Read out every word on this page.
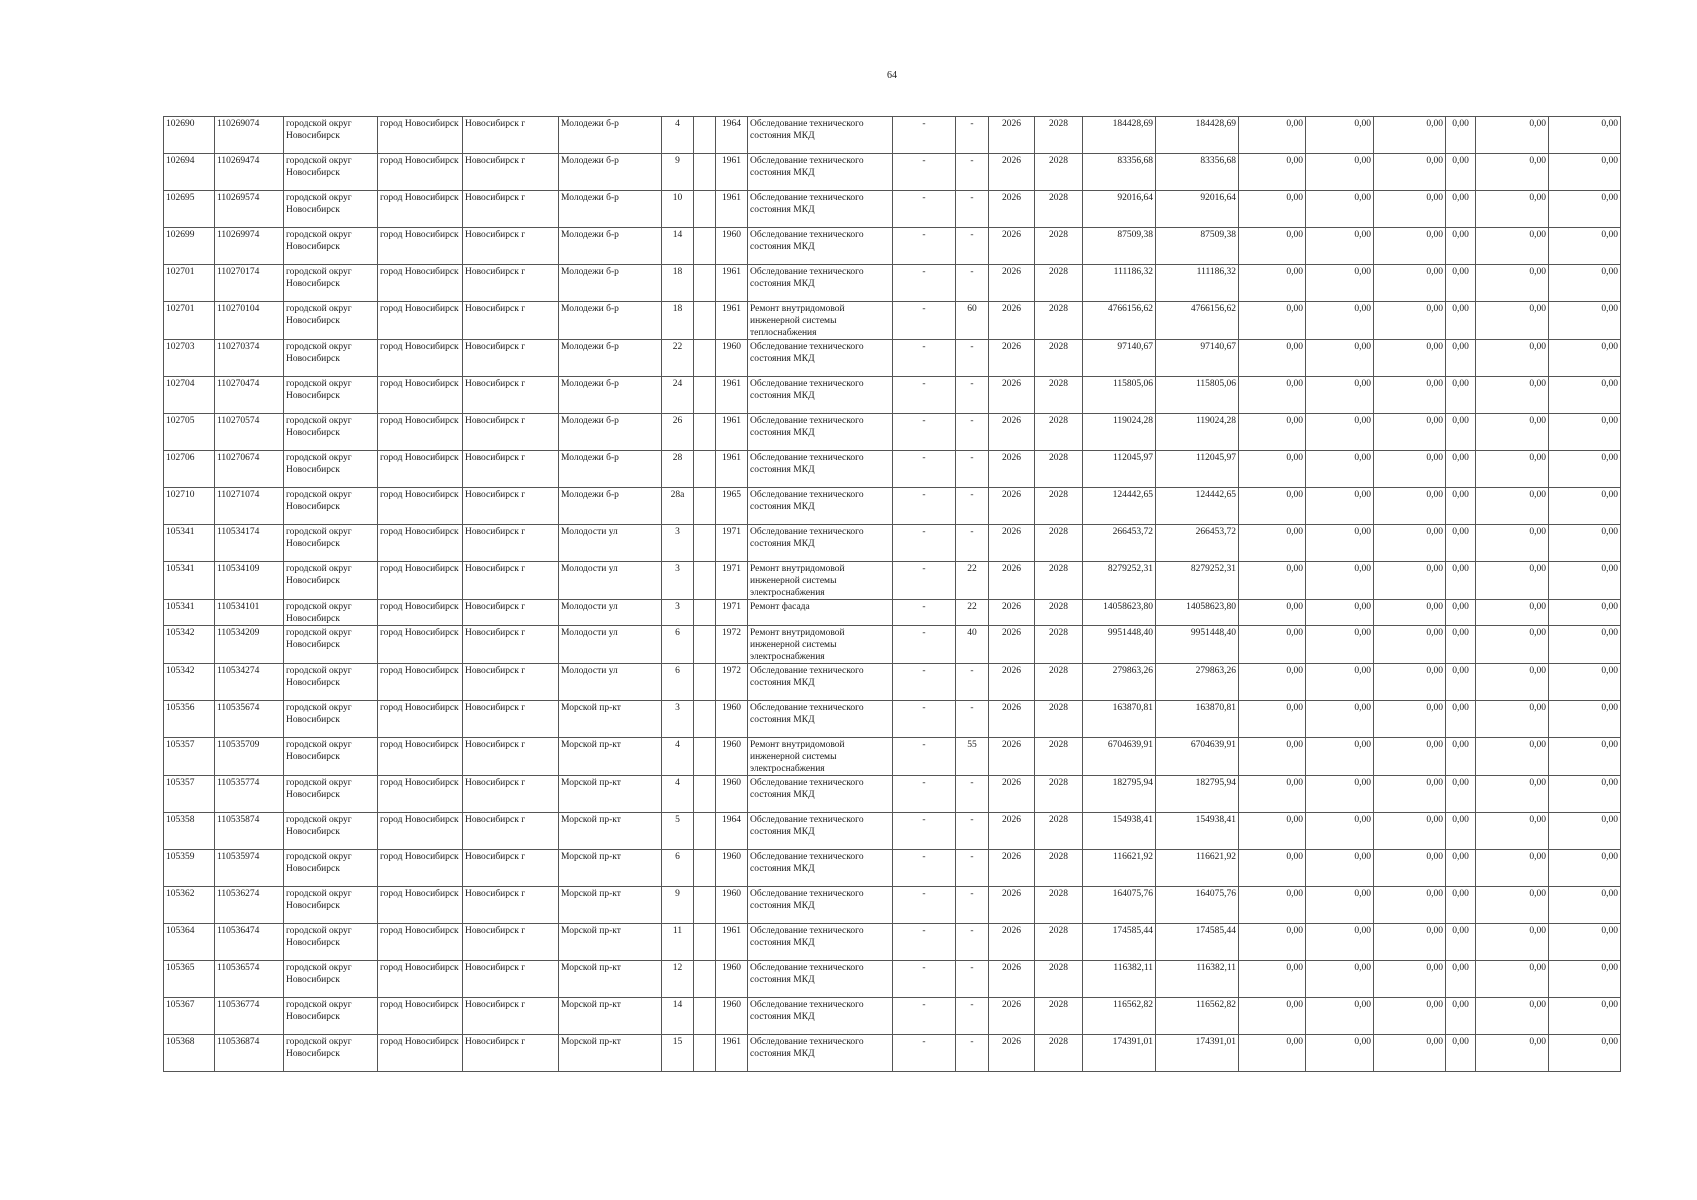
64
102690	110269074	городской округ Новосибирск	город Новосибирск	Новосибирск г	Молодежи б-р	4		1964	Обследование технического состояния МКД	-	-	2026	2028	184428,69	184428,69	0,00	0,00	0,00	0,00	0,00	0,00
102694	110269474	городской округ Новосибирск	город Новосибирск	Новосибирск г	Молодежи б-р	9		1961	Обследование технического состояния МКД	-	-	2026	2028	83356,68	83356,68	0,00	0,00	0,00	0,00	0,00	0,00
102695	110269574	городской округ Новосибирск	город Новосибирск	Новосибирск г	Молодежи б-р	10		1961	Обследование технического состояния МКД	-	-	2026	2028	92016,64	92016,64	0,00	0,00	0,00	0,00	0,00	0,00
102699	110269974	городской округ Новосибирск	город Новосибирск	Новосибирск г	Молодежи б-р	14		1960	Обследование технического состояния МКД	-	-	2026	2028	87509,38	87509,38	0,00	0,00	0,00	0,00	0,00	0,00
102701	110270174	городской округ Новосибирск	город Новосибирск	Новосибирск г	Молодежи б-р	18		1961	Обследование технического состояния МКД	-	-	2026	2028	111186,32	111186,32	0,00	0,00	0,00	0,00	0,00	0,00
102701	110270104	городской округ Новосибирск	город Новосибирск	Новосибирск г	Молодежи б-р	18		1961	Ремонт внутридомовой инженерной системы теплоснабжения	-	60	2026	2028	4766156,62	4766156,62	0,00	0,00	0,00	0,00	0,00	0,00
102703	110270374	городской округ Новосибирск	город Новосибирск	Новосибирск г	Молодежи б-р	22		1960	Обследование технического состояния МКД	-	-	2026	2028	97140,67	97140,67	0,00	0,00	0,00	0,00	0,00	0,00
102704	110270474	городской округ Новосибирск	город Новосибирск	Новосибирск г	Молодежи б-р	24		1961	Обследование технического состояния МКД	-	-	2026	2028	115805,06	115805,06	0,00	0,00	0,00	0,00	0,00	0,00
102705	110270574	городской округ Новосибирск	город Новосибирск	Новосибирск г	Молодежи б-р	26		1961	Обследование технического состояния МКД	-	-	2026	2028	119024,28	119024,28	0,00	0,00	0,00	0,00	0,00	0,00
102706	110270674	городской округ Новосибирск	город Новосибирск	Новосибирск г	Молодежи б-р	28		1961	Обследование технического состояния МКД	-	-	2026	2028	112045,97	112045,97	0,00	0,00	0,00	0,00	0,00	0,00
102710	110271074	городской округ Новосибирск	город Новосибирск	Новосибирск г	Молодежи б-р	28а		1965	Обследование технического состояния МКД	-	-	2026	2028	124442,65	124442,65	0,00	0,00	0,00	0,00	0,00	0,00
105341	110534174	городской округ Новосибирск	город Новосибирск	Новосибирск г	Молодости ул	3		1971	Обследование технического состояния МКД	-	-	2026	2028	266453,72	266453,72	0,00	0,00	0,00	0,00	0,00	0,00
105341	110534109	городской округ Новосибирск	город Новосибирск	Новосибирск г	Молодости ул	3		1971	Ремонт внутридомовой инженерной системы электроснабжения	-	22	2026	2028	8279252,31	8279252,31	0,00	0,00	0,00	0,00	0,00	0,00
105341	110534101	городской округ Новосибирск	город Новосибирск	Новосибирск г	Молодости ул	3		1971	Ремонт фасада	-	22	2026	2028	14058623,80	14058623,80	0,00	0,00	0,00	0,00	0,00	0,00
105342	110534209	городской округ Новосибирск	город Новосибирск	Новосибирск г	Молодости ул	6		1972	Ремонт внутридомовой инженерной системы электроснабжения	-	40	2026	2028	9951448,40	9951448,40	0,00	0,00	0,00	0,00	0,00	0,00
105342	110534274	городской округ Новосибирск	город Новосибирск	Новосибирск г	Молодости ул	6		1972	Обследование технического состояния МКД	-	-	2026	2028	279863,26	279863,26	0,00	0,00	0,00	0,00	0,00	0,00
105356	110535674	городской округ Новосибирск	город Новосибирск	Новосибирск г	Морской пр-кт	3		1960	Обследование технического состояния МКД	-	-	2026	2028	163870,81	163870,81	0,00	0,00	0,00	0,00	0,00	0,00
105357	110535709	городской округ Новосибирск	город Новосибирск	Новосибирск г	Морской пр-кт	4		1960	Ремонт внутридомовой инженерной системы электроснабжения	-	55	2026	2028	6704639,91	6704639,91	0,00	0,00	0,00	0,00	0,00	0,00
105357	110535774	городской округ Новосибирск	город Новосибирск	Новосибирск г	Морской пр-кт	4		1960	Обследование технического состояния МКД	-	-	2026	2028	182795,94	182795,94	0,00	0,00	0,00	0,00	0,00	0,00
105358	110535874	городской округ Новосибирск	город Новосибирск	Новосибирск г	Морской пр-кт	5		1964	Обследование технического состояния МКД	-	-	2026	2028	154938,41	154938,41	0,00	0,00	0,00	0,00	0,00	0,00
105359	110535974	городской округ Новосибирск	город Новосибирск	Новосибирск г	Морской пр-кт	6		1960	Обследование технического состояния МКД	-	-	2026	2028	116621,92	116621,92	0,00	0,00	0,00	0,00	0,00	0,00
105362	110536274	городской округ Новосибирск	город Новосибирск	Новосибирск г	Морской пр-кт	9		1960	Обследование технического состояния МКД	-	-	2026	2028	164075,76	164075,76	0,00	0,00	0,00	0,00	0,00	0,00
105364	110536474	городской округ Новосибирск	город Новосибирск	Новосибирск г	Морской пр-кт	11		1961	Обследование технического состояния МКД	-	-	2026	2028	174585,44	174585,44	0,00	0,00	0,00	0,00	0,00	0,00
105365	110536574	городской округ Новосибирск	город Новосибирск	Новосибирск г	Морской пр-кт	12		1960	Обследование технического состояния МКД	-	-	2026	2028	116382,11	116382,11	0,00	0,00	0,00	0,00	0,00	0,00
105367	110536774	городской округ Новосибирск	город Новосибирск	Новосибирск г	Морской пр-кт	14		1960	Обследование технического состояния МКД	-	-	2026	2028	116562,82	116562,82	0,00	0,00	0,00	0,00	0,00	0,00
105368	110536874	городской округ Новосибирск	город Новосибирск	Новосибирск г	Морской пр-кт	15		1961	Обследование технического состояния МКД	-	-	2026	2028	174391,01	174391,01	0,00	0,00	0,00	0,00	0,00	0,00
